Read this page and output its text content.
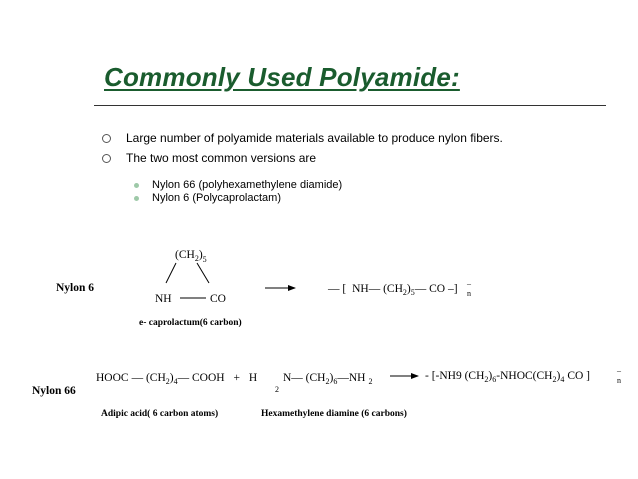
Commonly Used Polyamide:
Large number of polyamide materials available to produce nylon fibers.
The two most common versions are
Nylon 66 (polyhexamethylene diamide)
Nylon 6 (Polycaprolactam)
Nylon 6
$(CH_2)_5$
NH	CO
e- caprolactum(6 carbon)
— [ NH— $(CH_2)_5—$ CO –] –
n
Nylon 66
HOOC — $(CH_2)_4—$ COOH + H
2
N— $(CH_2)_6—NH$ $_2$	- [-NH9 $(CH_2)_6-NHOC(CH_2)_4$ CO ]	–
n
Adipic acid( 6 carbon atoms)	Hexamethylene diamine (6 carbons)
